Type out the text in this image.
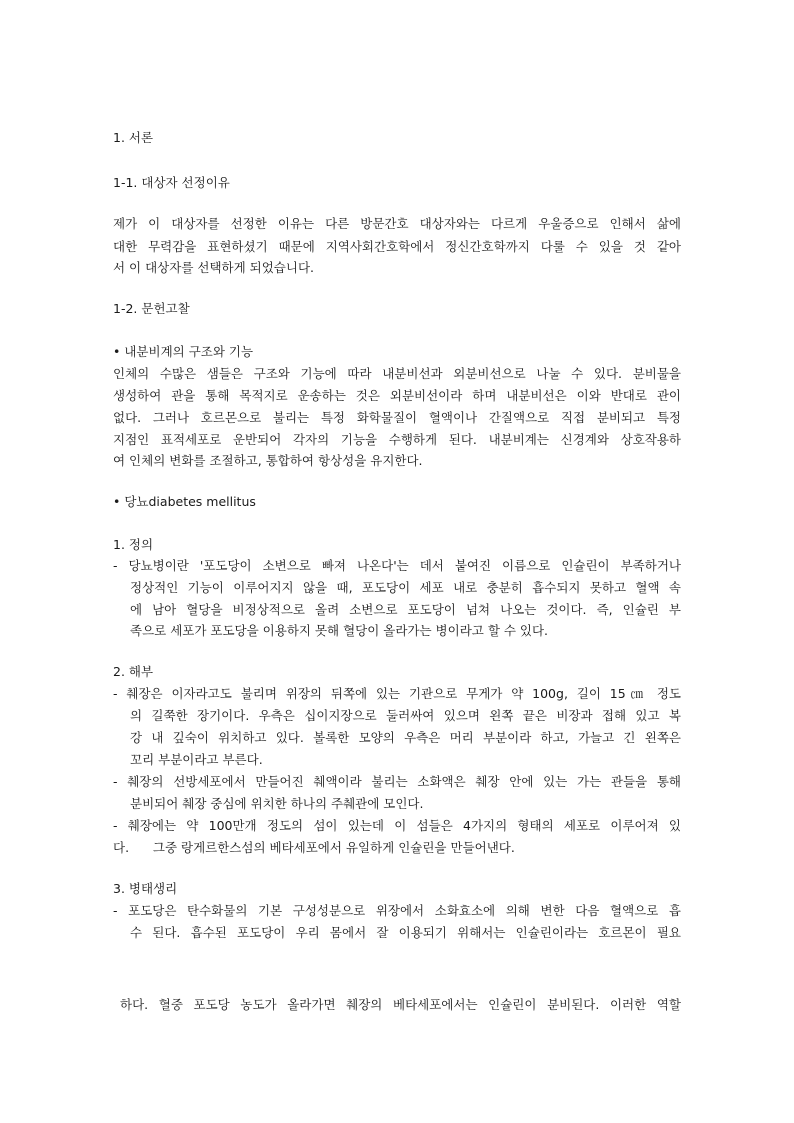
1. 서론
1-1. 대상자 선정이유
제가 이 대상자를 선정한 이유는 다른 방문간호 대상자와는 다르게 우울증으로 인해서 삶에
대한 무력감을 표현하셨기 때문에 지역사회간호학에서 정신간호학까지 다룰 수 있을 것 같아
서 이 대상자를 선택하게 되었습니다.
1-2. 문헌고찰
• 내분비계의 구조와 기능
인체의 수많은 샘들은 구조와 기능에 따라 내분비선과 외분비선으로 나눌 수 있다. 분비물을
생성하여 관을 통해 목적지로 운송하는 것은 외분비선이라 하며 내분비선은 이와 반대로 관이
없다. 그러나 호르몬으로 불리는 특정 화학물질이 혈액이나 간질액으로 직접 분비되고 특정
지점인 표적세포로 운반되어 각자의 기능을 수행하게 된다. 내분비계는 신경계와 상호작용하
여 인체의 변화를 조절하고, 통합하여 항상성을 유지한다.
• 당뇨diabetes mellitus
1. 정의
- 당뇨병이란 '포도당이 소변으로 빠져 나온다'는 데서 붙여진 이름으로 인슐린이 부족하거나
정상적인 기능이 이루어지지 않을 때, 포도당이 세포 내로 충분히 흡수되지 못하고 혈액 속
에 남아 혈당을 비정상적으로 올려 소변으로 포도당이 넘쳐 나오는 것이다. 즉, 인슐린 부
족으로 세포가 포도당을 이용하지 못해 혈당이 올라가는 병이라고 할 수 있다.
2. 해부
- 췌장은 이자라고도 불리며 위장의 뒤쪽에 있는 기관으로 무게가 약 100g, 길이 15㎝ 정도
의 길쭉한 장기이다. 우측은 십이지장으로 둘러싸여 있으며 왼쪽 끝은 비장과 접해 있고 복
강 내 깊숙이 위치하고 있다. 볼록한 모양의 우측은 머리 부분이라 하고, 가늘고 긴 왼쪽은
꼬리 부분이라고 부른다.
- 췌장의 선방세포에서 만들어진 췌액이라 불리는 소화액은 췌장 안에 있는 가는 관들을 통해
분비되어 췌장 중심에 위치한 하나의 주췌관에 모인다.
- 췌장에는 약 100만개 정도의 섬이 있는데 이 섬들은 4가지의 형태의 세포로 이루어져 있
다.      그중 랑게르한스섬의 베타세포에서 유일하게 인슐린을 만들어낸다.
3. 병태생리
- 포도당은 탄수화물의 기본 구성성분으로 위장에서 소화효소에 의해 변한 다음 혈액으로 흡
수 된다. 흡수된 포도당이 우리 몸에서 잘 이용되기 위해서는 인슐린이라는 호르몬이 필요
하다. 혈중 포도당 농도가 올라가면 췌장의 베타세포에서는 인슐린이 분비된다. 이러한 역할
